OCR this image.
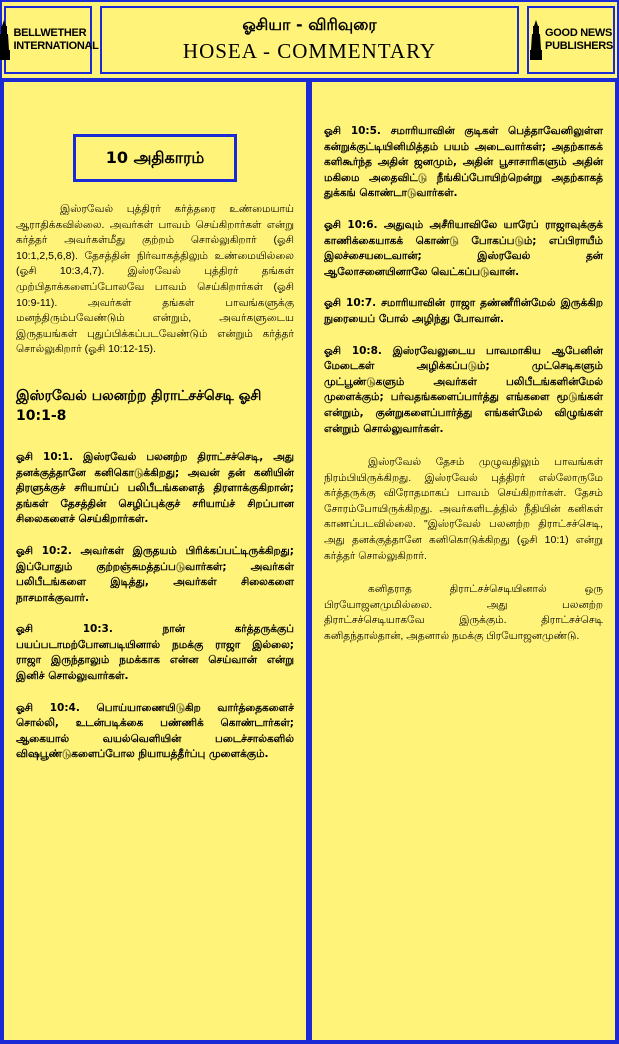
BELLWETHER
INTERNATIONAL
ஓசியா - விரிவுரை
HOSEA - COMMENTARY
GOOD NEWS
PUBLISHERS
10 அதிகாரம்

இஸ்ரவேல் புத்திரர் கர்த்தரை உண்மையாய் ஆராதிக்கவில்லை. அவர்கள் பாவம் செய்கிறார்கள் என்று கர்த்தர் அவர்கள்மீது குற்றம் சொல்லுகிறார் (ஓசி 10:1,2,5,6,8). தேசத்தின் நிர்வாகத்திலும் உண்மையில்லை (ஓசி 10:3,4,7). இஸ்ரவேல் புத்திரர் தங்கள் முற்பிதாக்களைப்போலவே பாவம் செய்கிறார்கள் (ஓசி 10:9-11). அவர்கள் தங்கள் பாவங்களுக்கு மனந்திரும்பவேண்டும் என்றும், அவர்களுடைய இருதயங்கள் புதுப்பிக்கப்படவேண்டும் என்றும் கர்த்தர் சொல்லுகிறார் (ஓசி 10:12-15).

இஸ்ரவேல் பலனற்ற திராட்சச்செடி ஓசி 10:1-8

ஓசி 10:1. இஸ்ரவேல் பலனற்ற திராட்சச்செடி, அது தனக்குத்தானே கனிகொடுக்கிறது; அவன் தன் கனியின் திரளுக்குச் சரியாய்ப் பலிபீடங்களைத் திரளாக்குகிறான்; தங்கள் தேசத்தின் செழிப்புக்குச் சரியாய்ச் சிறப்பான சிலைகளைச் செய்கிறார்கள்.

ஓசி 10:2. அவர்கள் இருதயம் பிரிக்கப்பட்டிருக்கிறது; இப்போதும் குற்றஞ்சுமத்தப்படுவார்கள்; அவர்கள் பலிபீடங்களை இடித்து, அவர்கள் சிலைகளை நாசமாக்குவார்.

ஓசி 10:3. நான் கர்த்தருக்குப் பயப்படாமற்போனபடியினால் நமக்கு ராஜா இல்லை; ராஜா இருந்தாலும் நமக்காக என்ன செய்வான் என்று இனிச் சொல்லுவார்கள்.

ஓசி 10:4. பொய்யாணையிடுகிற வார்த்தைகளைச் சொல்லி, உடன்படிக்கை பண்ணிக் கொண்டார்கள்; ஆகையால் வயல்வெளியின் படைச்சால்களில் விஷபூண்டுகளைப்போல நியாயத்தீர்ப்பு முளைக்கும்.

ஓசி 10:5. சமாரியாவின் குடிகள் பெத்தாவேனிலுள்ள கன்றுக்குட்டியினிமித்தம் பயம் அடைவார்கள்; அதற்காகக் களிகூர்ந்த அதின் ஜனமும், அதின் பூசாசாரிகளும் அதின் மகிமை அதைவிட்டு நீங்கிப்போயிற்றென்று அதற்காகத் துக்கங் கொண்டாடுவார்கள்.

ஓசி 10:6. அதுவும் அசீரியாவிலே யாரேப் ராஜாவுக்குக் காணிக்கையாகக் கொண்டு போகப்படும்; எப்பிராயீம் இலச்சையடைவான்; இஸ்ரவேல் தன் ஆலோசனையினாலே வெட்கப்படுவான்.

ஓசி 10:7. சமாரியாவின் ராஜா தண்ணீரின்மேல் இருக்கிற நுரையைப் போல் அழிந்து போவான்.

ஓசி 10:8. இஸ்ரவேலுடைய பாவமாகிய ஆபேனின் மேடைகள் அழிக்கப்படும்; முட்செடிகளும் முட்பூண்டுகளும் அவர்கள் பலிபீடங்களின்மேல் முளைக்கும்; பர்வதங்களைப்பார்த்து எங்களை மூடுங்கள் என்றும், குன்றுகளைப்பார்த்து எங்கள்மேல் விழுங்கள் என்றும் சொல்லுவார்கள்.

இஸ்ரவேல் தேசம் முழுவதிலும் பாவங்கள் நிரம்பியிருக்கிறது. இஸ்ரவேல் புத்திரர் எல்லோருமே கர்த்தருக்கு விரோதமாகப் பாவம் செய்கிறார்கள். தேசம் சோரம்போயிருக்கிறது. அவர்களிடத்தில் நீதியின் கனிகள் காணப்படவில்லை. "இஸ்ரவேல் பலனற்ற திராட்சச்செடி, அது தனக்குத்தானே கனிகொடுக்கிறது (ஓசி 10:1) என்று கர்த்தர் சொல்லுகிறார்.

கனிதராத திராட்சச்செடியினால் ஒரு பிரயோஜனமுமில்லை. அது பலனற்ற திராட்சச்செடியாகவே இருக்கும். திராட்சச்செடி கனிதந்தால்தான், அதனால் நமக்கு பிரயோஜனமுண்டு.
